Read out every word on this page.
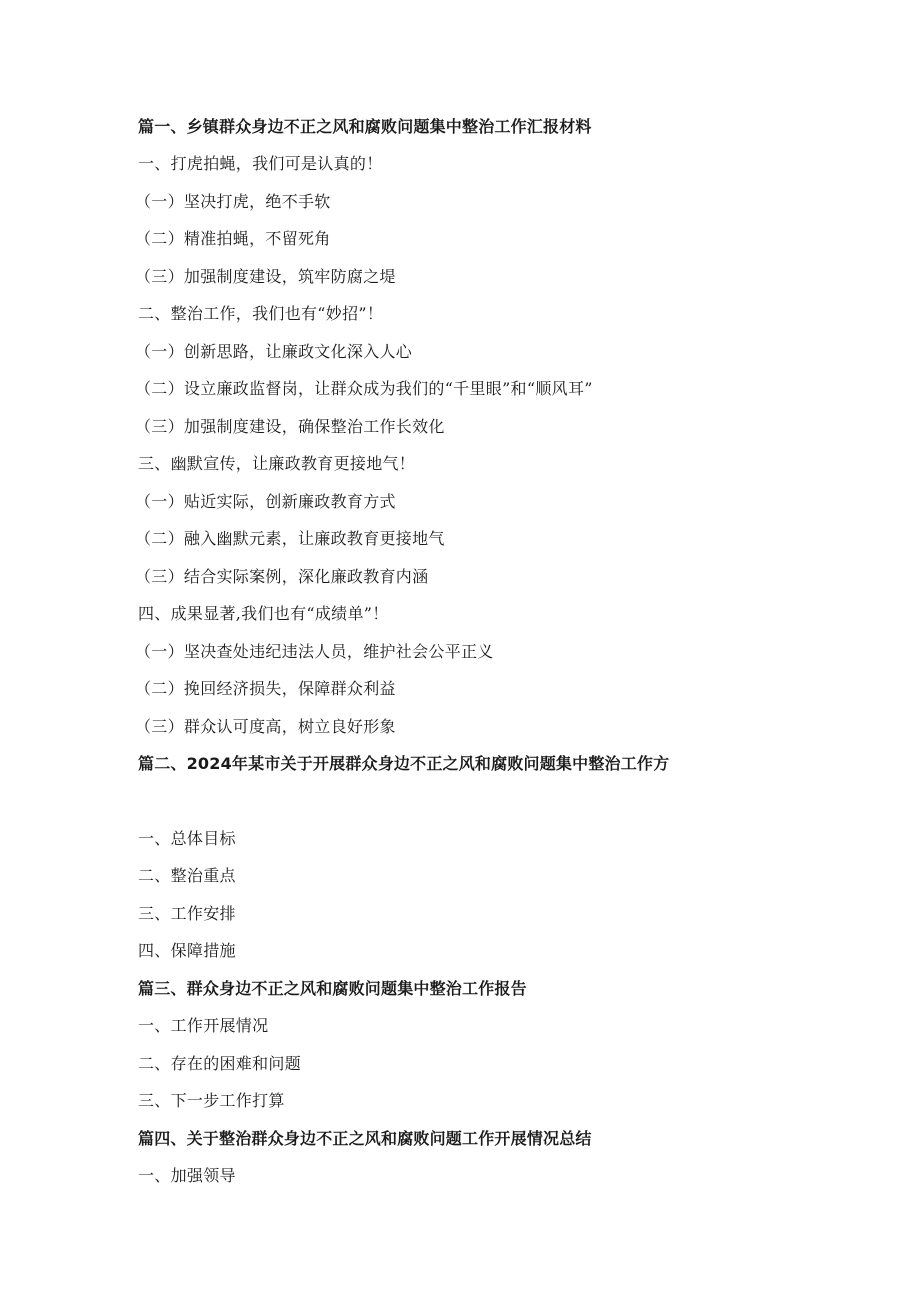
篇一、乡镇群众身边不正之风和腐败问题集中整治工作汇报材料
一、打虎拍蝇，我们可是认真的！
（一）坚决打虎，绝不手软
（二）精准拍蝇，不留死角
（三）加强制度建设，筑牢防腐之堤
二、整治工作，我们也有“妙招”！
（一）创新思路，让廉政文化深入人心
（二）设立廉政监督岗，让群众成为我们的“千里眼”和“顺风耳”
（三）加强制度建设，确保整治工作长效化
三、幽默宣传，让廉政教育更接地气！
（一）贴近实际，创新廉政教育方式
（二）融入幽默元素，让廉政教育更接地气
（三）结合实际案例，深化廉政教育内涵
四、成果显著,我们也有“成绩单”！
（一）坚决查处违纪违法人员，维护社会公平正义
（二）挽回经济损失，保障群众利益
（三）群众认可度高，树立良好形象
篇二、2024年某市关于开展群众身边不正之风和腐败问题集中整治工作方
一、总体目标
二、整治重点
三、工作安排
四、保障措施
篇三、群众身边不正之风和腐败问题集中整治工作报告
一、工作开展情况
二、存在的困难和问题
三、下一步工作打算
篇四、关于整治群众身边不正之风和腐败问题工作开展情况总结
一、加强领导
